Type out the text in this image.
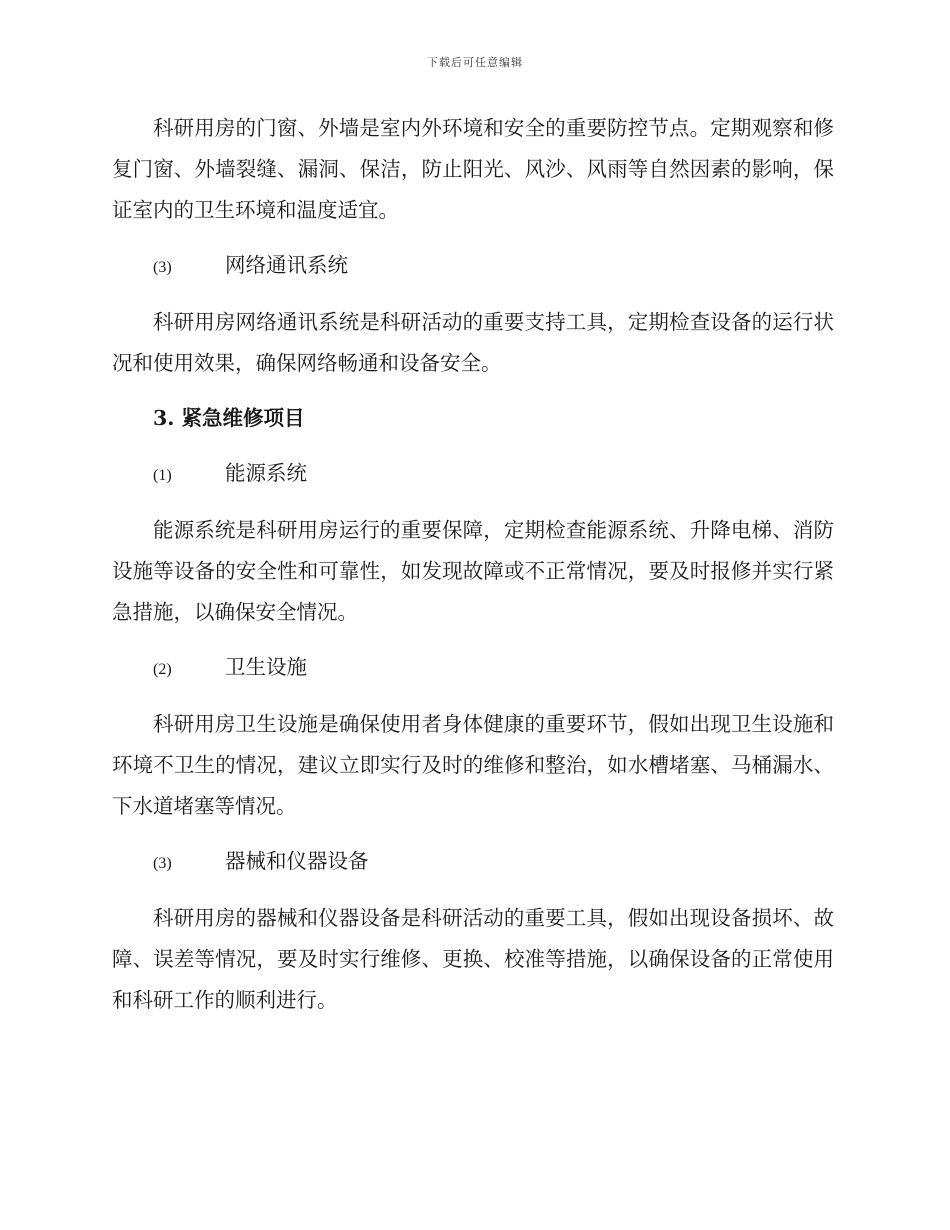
下载后可任意编辑

科研用房的门窗、外墙是室内外环境和安全的重要防控节点。定期观察和修复门窗、外墙裂缝、漏洞、保洁，防止阳光、风沙、风雨等自然因素的影响，保证室内的卫生环境和温度适宜。

(3)	网络通讯系统

科研用房网络通讯系统是科研活动的重要支持工具，定期检查设备的运行状况和使用效果，确保网络畅通和设备安全。

3. 紧急维修项目
(1)	能源系统

能源系统是科研用房运行的重要保障，定期检查能源系统、升降电梯、消防设施等设备的安全性和可靠性，如发现故障或不正常情况，要及时报修并实行紧急措施，以确保安全情况。

(2)	卫生设施

科研用房卫生设施是确保使用者身体健康的重要环节，假如出现卫生设施和环境不卫生的情况，建议立即实行及时的维修和整治，如水槽堵塞、马桶漏水、下水道堵塞等情况。

(3)	器械和仪器设备

科研用房的器械和仪器设备是科研活动的重要工具，假如出现设备损坏、故障、误差等情况，要及时实行维修、更换、校准等措施，以确保设备的正常使用和科研工作的顺利进行。
